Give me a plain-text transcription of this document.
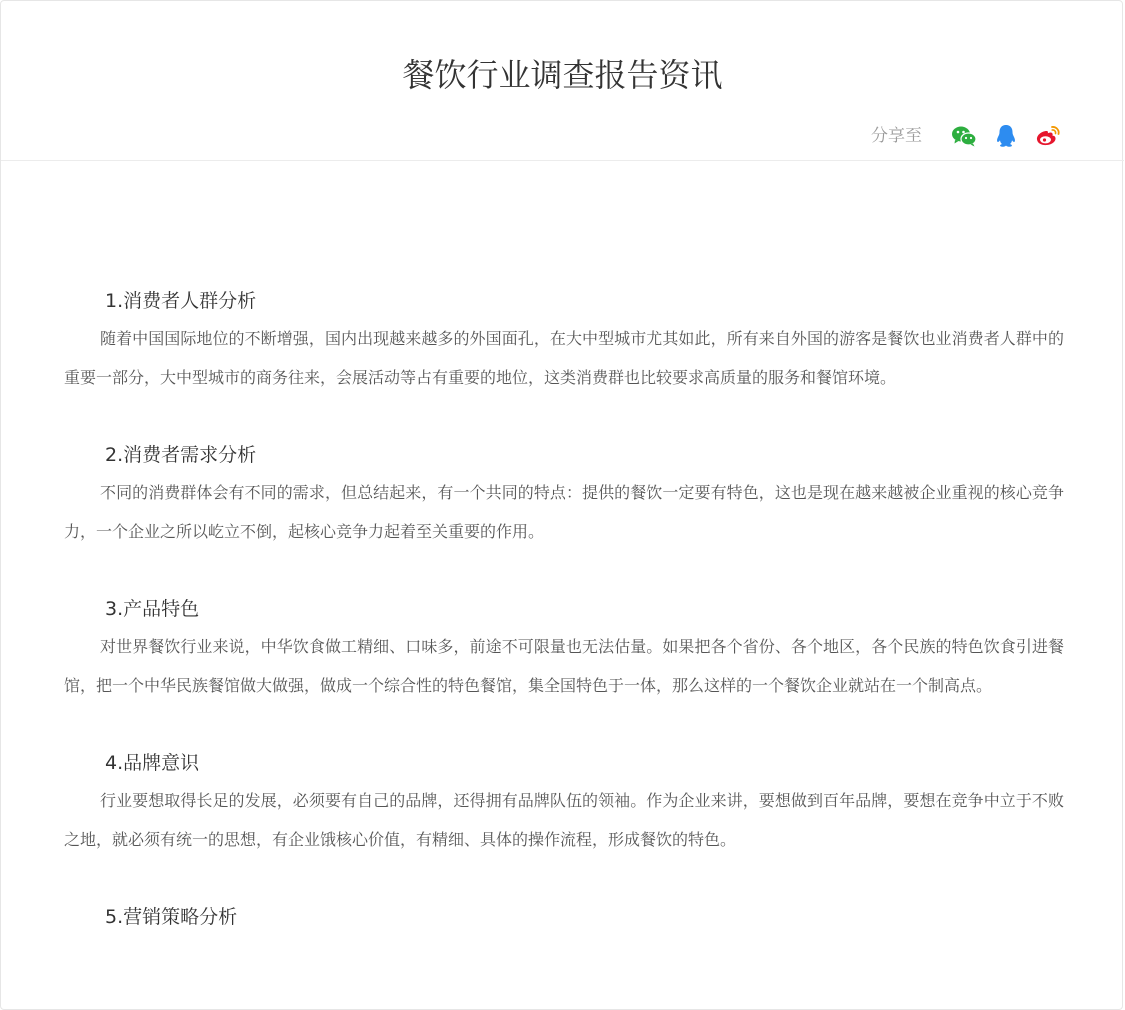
餐饮行业调查报告资讯
分享至
1.消费者人群分析

随着中国国际地位的不断增强，国内出现越来越多的外国面孔，在大中型城市尤其如此，所有来自外国的游客是餐饮也业消费者人群中的重要一部分，大中型城市的商务往来，会展活动等占有重要的地位，这类消费群也比较要求高质量的服务和餐馆环境。

2.消费者需求分析

不同的消费群体会有不同的需求，但总结起来，有一个共同的特点：提供的餐饮一定要有特色，这也是现在越来越被企业重视的核心竞争力，一个企业之所以屹立不倒，起核心竞争力起着至关重要的作用。

3.产品特色

对世界餐饮行业来说，中华饮食做工精细、口味多，前途不可限量也无法估量。如果把各个省份、各个地区，各个民族的特色饮食引进餐馆，把一个中华民族餐馆做大做强，做成一个综合性的特色餐馆，集全国特色于一体，那么这样的一个餐饮企业就站在一个制高点。

4.品牌意识

行业要想取得长足的发展，必须要有自己的品牌，还得拥有品牌队伍的领袖。作为企业来讲，要想做到百年品牌，要想在竞争中立于不败之地，就必须有统一的思想，有企业饿核心价值，有精细、具体的操作流程，形成餐饮的特色。

5.营销策略分析
